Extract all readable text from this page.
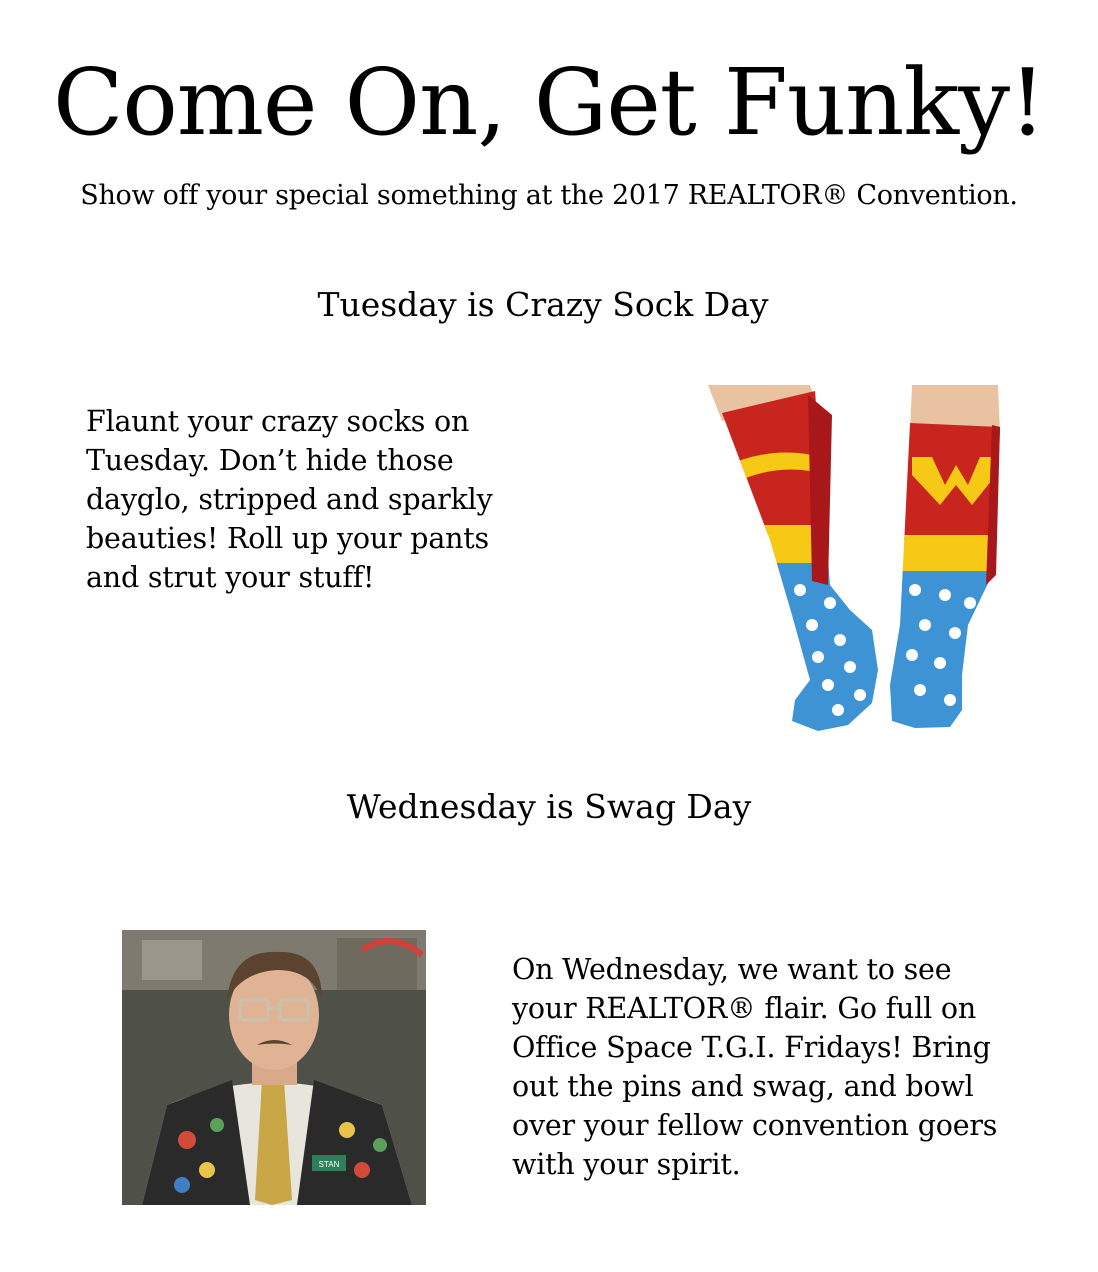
Come On, Get Funky!
Show off your special something at the 2017 REALTOR® Convention.
Tuesday is Crazy Sock Day
Flaunt your crazy socks on
Tuesday. Don’t hide those
dayglo, stripped and sparkly
beauties! Roll up your pants
and strut your stuff!
Wednesday is Swag Day
STAN
On Wednesday, we want to see
your REALTOR® flair. Go full on
Office Space T.G.I. Fridays! Bring
out the pins and swag, and bowl
over your fellow convention goers
with your spirit.
